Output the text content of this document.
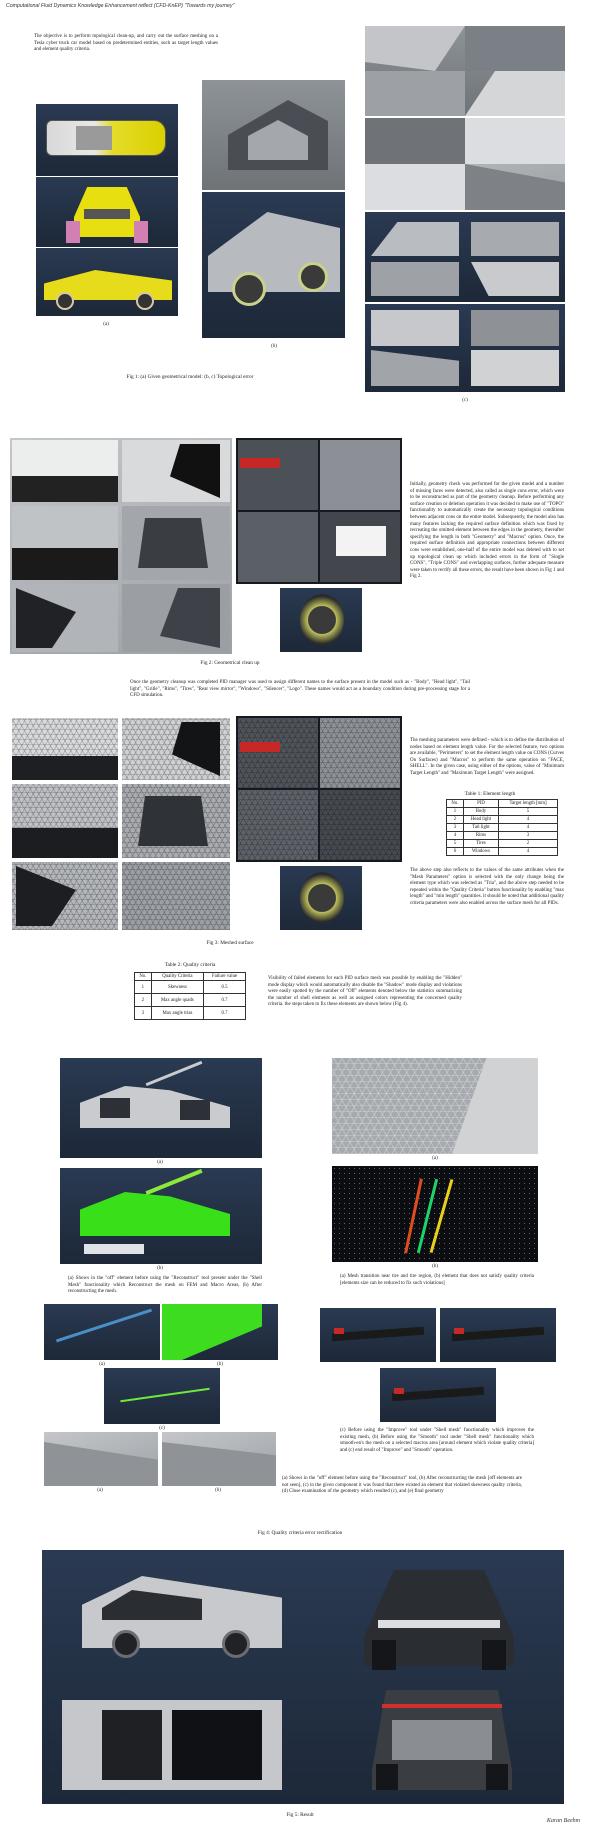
Computational Fluid Dynamics Knowledge Enhancement reflect (CFD-KnEP) "Towards my journey"
The objective is to perform topological clean-up, and carry out the surface meshing on a Tesla cyber truck car model based on predetermined entities, such as target length values and element quality criteria.
(a)
(b)
(c)
Fig 1: (a) Given geometrical model: (b, c) Topological error
Initially, geometry check was performed for the given model and a number of missing faces were detected, also called as single cons error, which were to be reconstructed as part of the geometry cleanup. Before performing any surface creation or deletion operation it was decided to make use of "TOPO" functionality to automatically create the necessary topological conditions between adjacent cons on the entire model. Subsequently, the model also has many features lacking the required surface definition which was fixed by recreating the omitted element between the edges in the geometry, thereafter specifying the length in both "Geometry" and "Macros" option. Once, the required surface definition and appropriate connections between different cons were established, one-half of the entire model was deleted with to set up topological clean up which included errors in the form of "Single CONS", "Triple CONS" and overlapping surfaces, further adequate measure were taken to rectify all these errors, the result have been shown in Fig 1 and Fig 2.
Fig 2: Geometrical clean up
Once the geometry cleanup was completed PID manager was used to assign different names to the surface present in the model such as - "Body", "Head light", "Tail light", "Grille", "Rims", "Tires", "Rear view mirror", "Windows", "Silencer", "Logo". These names would act as a boundary condition during pre-processing stage for a CFD simulation.
The meshing parameters were defined - which is to define the distribution of nodes based on element length value. For the selected feature, two options are available, "Perimeters" to set the element length value on CONS (Curves On Surfaces) and "Macros" to perform the same operation on "FACE, SHELL". In the given case, using either of the options, value of "Minimum Target Length" and "Maximum Target Length" were assigned.
Table 1: Element length
No.	PID	Target length [mm]
1	Body	5
2	Head light	4
3	Tail light	4
4	Rims	3
5	Tires	2
6	Windows	4
The above step also reflects to the values of the same attributes when the "Mesh Parameters" option is selected with the only change being the element type which was selected as "Tria", and the above step needed to be repeated within the "Quality Criteria" button functionality by enabling "max length" and "min length" quantities. it should be noted that additional quality criteria parameters were also enabled across the surface mesh for all PIDs.
Fig 3: Meshed surface
Table 2: Quality criteria
No.	Quality Criteria	Failure value
1	Skewness	0.5
2	Max angle quads	0.7
3	Max angle trias	0.7
Visibility of failed elements for each PID surface mesh was possible by enabling the "Hidden" mode display which would automatically also disable the "Shadow" mode display and violations were easily spotted by the number of "Off" elements denoted below the statistics summarizing the number of shell elements as well as assigned colors representing the concerned quality criteria. the steps taken to fix these elements are shown below (Fig 4).
(a)
(b)
(a) Shows in the "off" element before using the "Reconstruct" tool present under the "Shell Mesh" functionality which Reconstruct the mesh on FEM and Macro Areas, (b) After reconstructing the mesh.
(a)
(b)
(a) Mesh transition near tire and tire region, (b) element that does not satisfy quality criteria [elements size can be reduced to fix such violations]
(a)	(b)
(c)	(c) Before using the "Improve" tool under "Shell mesh" functionality which improves the existing mesh, (b) Before using the "Smooth" tool under "Shell mesh" functionality which smooth-en's the mesh on a selected macros area [around element which violate quality criteria] and (c) end result of "Improve" and "Smooth" operation.
(a)	(b)
(a) Shows in the "off" element before using the "Reconstruct" tool, (b) After reconstructing the mesh [off elements are not seen], (c) in the given component it was found that there existed an element that violated skewness quality criteria, (d) Close examination of the geometry which resulted (c), and (e) final geometry
Fig 4: Quality criteria error rectification
Fig 5: Result
Karan Beehm
